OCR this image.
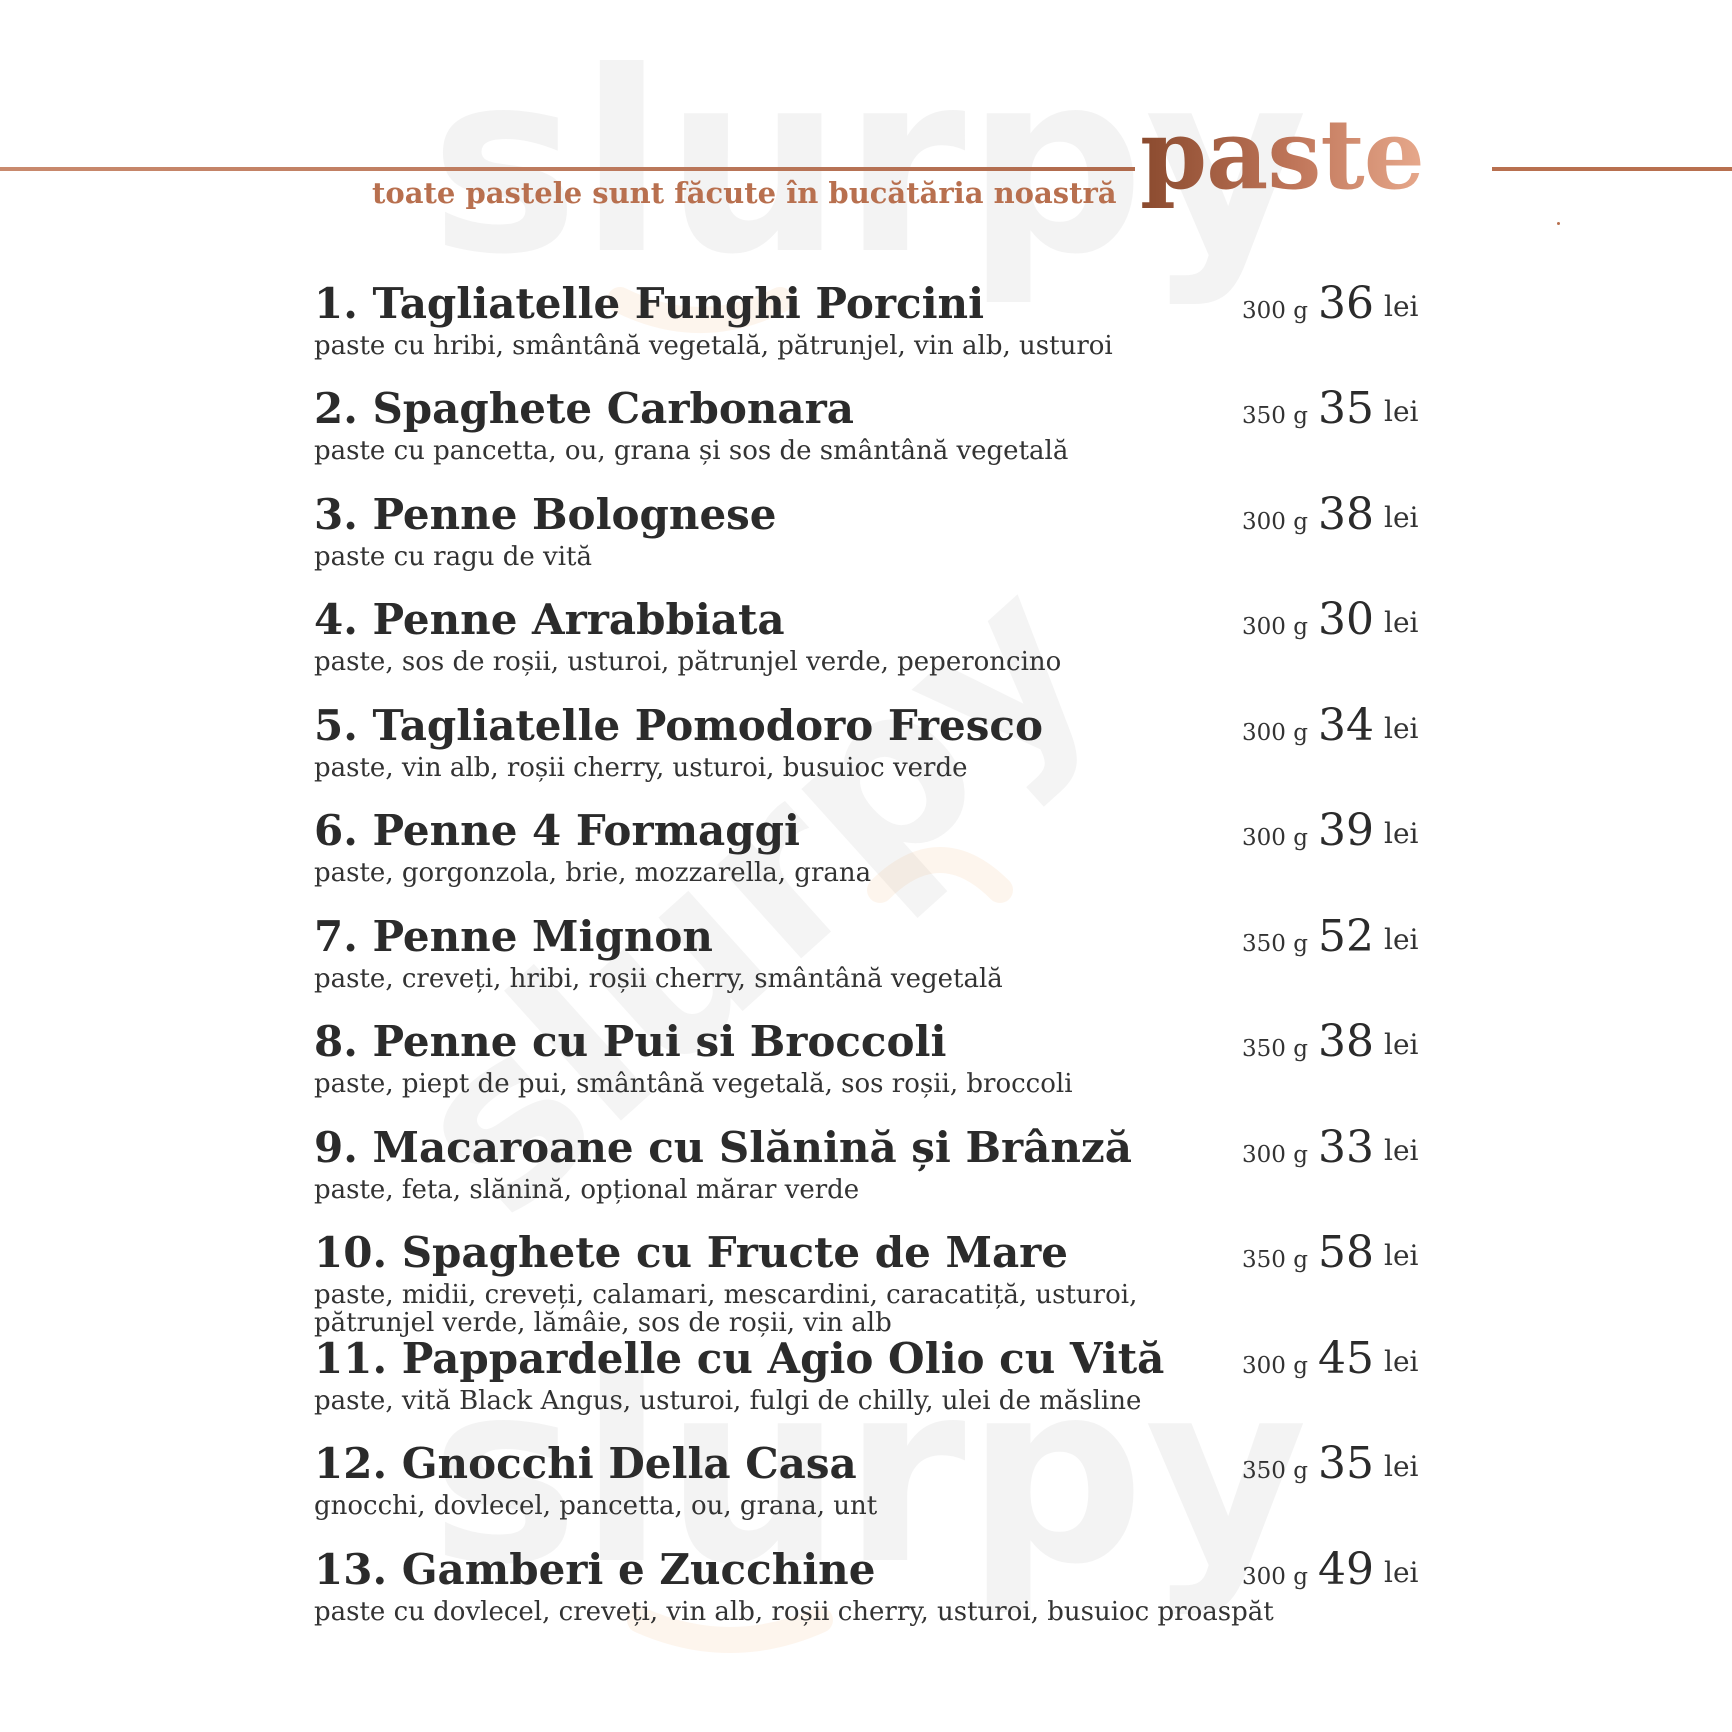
paste
toate pastele sunt făcute în bucătăria noastră
1. Tagliatelle Funghi Porcini
paste cu hribi, smântână vegetală, pătrunjel, vin alb, usturoi
300 g 36 lei
2. Spaghete Carbonara
paste cu pancetta, ou, grana și sos de smântână vegetală
350 g 35 lei
3. Penne Bolognese
paste cu ragu de vită
300 g 38 lei
4. Penne Arrabbiata
paste, sos de roșii, usturoi, pătrunjel verde, peperoncino
300 g 30 lei
5. Tagliatelle Pomodoro Fresco
paste, vin alb, roșii cherry, usturoi, busuioc verde
300 g 34 lei
6. Penne 4 Formaggi
paste, gorgonzola, brie, mozzarella, grana
300 g 39 lei
7. Penne Mignon
paste, creveți, hribi, roșii cherry, smântână vegetală
350 g 52 lei
8. Penne cu Pui si Broccoli
paste, piept de pui, smântână vegetală, sos roșii, broccoli
350 g 38 lei
9. Macaroane cu Slănină și Brânză
paste, feta, slănină, opțional mărar verde
300 g 33 lei
10. Spaghete cu Fructe de Mare
paste, midii, creveți, calamari, mescardini, caracatiță, usturoi,
pătrunjel verde, lămâie, sos de roșii, vin alb
350 g 58 lei
11. Pappardelle cu Agio Olio cu Vită
paste, vită Black Angus, usturoi, fulgi de chilly, ulei de măsline
300 g 45 lei
12. Gnocchi Della Casa
gnocchi, dovlecel, pancetta, ou, grana, unt
350 g 35 lei
13. Gamberi e Zucchine
paste cu dovlecel, creveți, vin alb, roșii cherry, usturoi, busuioc proaspăt
300 g 49 lei
